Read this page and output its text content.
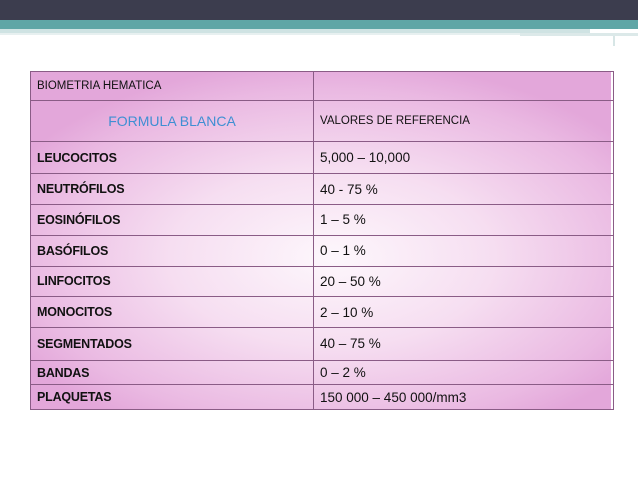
BIOMETRIA HEMATICA	
FORMULA BLANCA	VALORES DE REFERENCIA
LEUCOCITOS	5,000 – 10,000
NEUTRÓFILOS	40 - 75 %
EOSINÓFILOS	1 – 5 %
BASÓFILOS	0 – 1 %
LINFOCITOS	20 – 50 %
MONOCITOS	2 – 10 %
SEGMENTADOS	40 – 75 %
BANDAS	0 – 2 %
PLAQUETAS	150 000 – 450 000/mm3
